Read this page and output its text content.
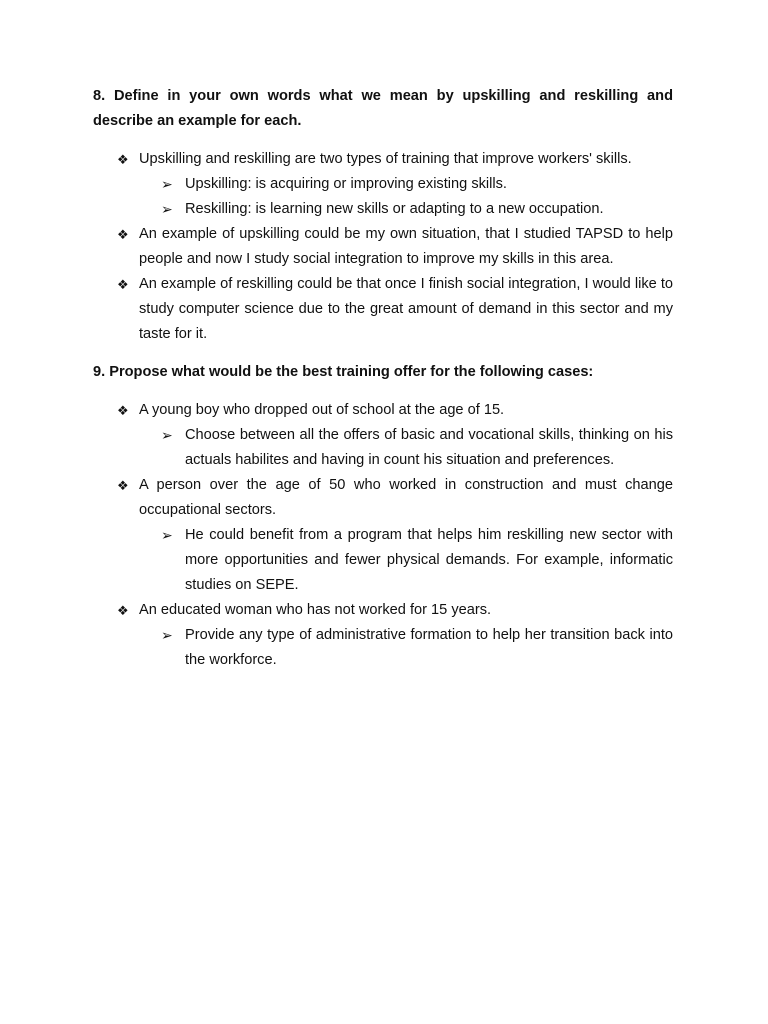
8. Define in your own words what we mean by upskilling and reskilling and describe an example for each.

❖ Upskilling and reskilling are two types of training that improve workers' skills.
➢ Upskilling: is acquiring or improving existing skills.
➢ Reskilling: is learning new skills or adapting to a new occupation.
❖ An example of upskilling could be my own situation, that I studied TAPSD to help people and now I study social integration to improve my skills in this area.
❖ An example of reskilling could be that once I finish social integration, I would like to study computer science due to the great amount of demand in this sector and my taste for it.

9. Propose what would be the best training offer for the following cases:

❖ A young boy who dropped out of school at the age of 15.
➢ Choose between all the offers of basic and vocational skills, thinking on his actuals habilites and having in count his situation and preferences.
❖ A person over the age of 50 who worked in construction and must change occupational sectors.
➢ He could benefit from a program that helps him reskilling new sector with more opportunities and fewer physical demands. For example, informatic studies on SEPE.
❖ An educated woman who has not worked for 15 years.
➢ Provide any type of administrative formation to help her transition back into the workforce.
